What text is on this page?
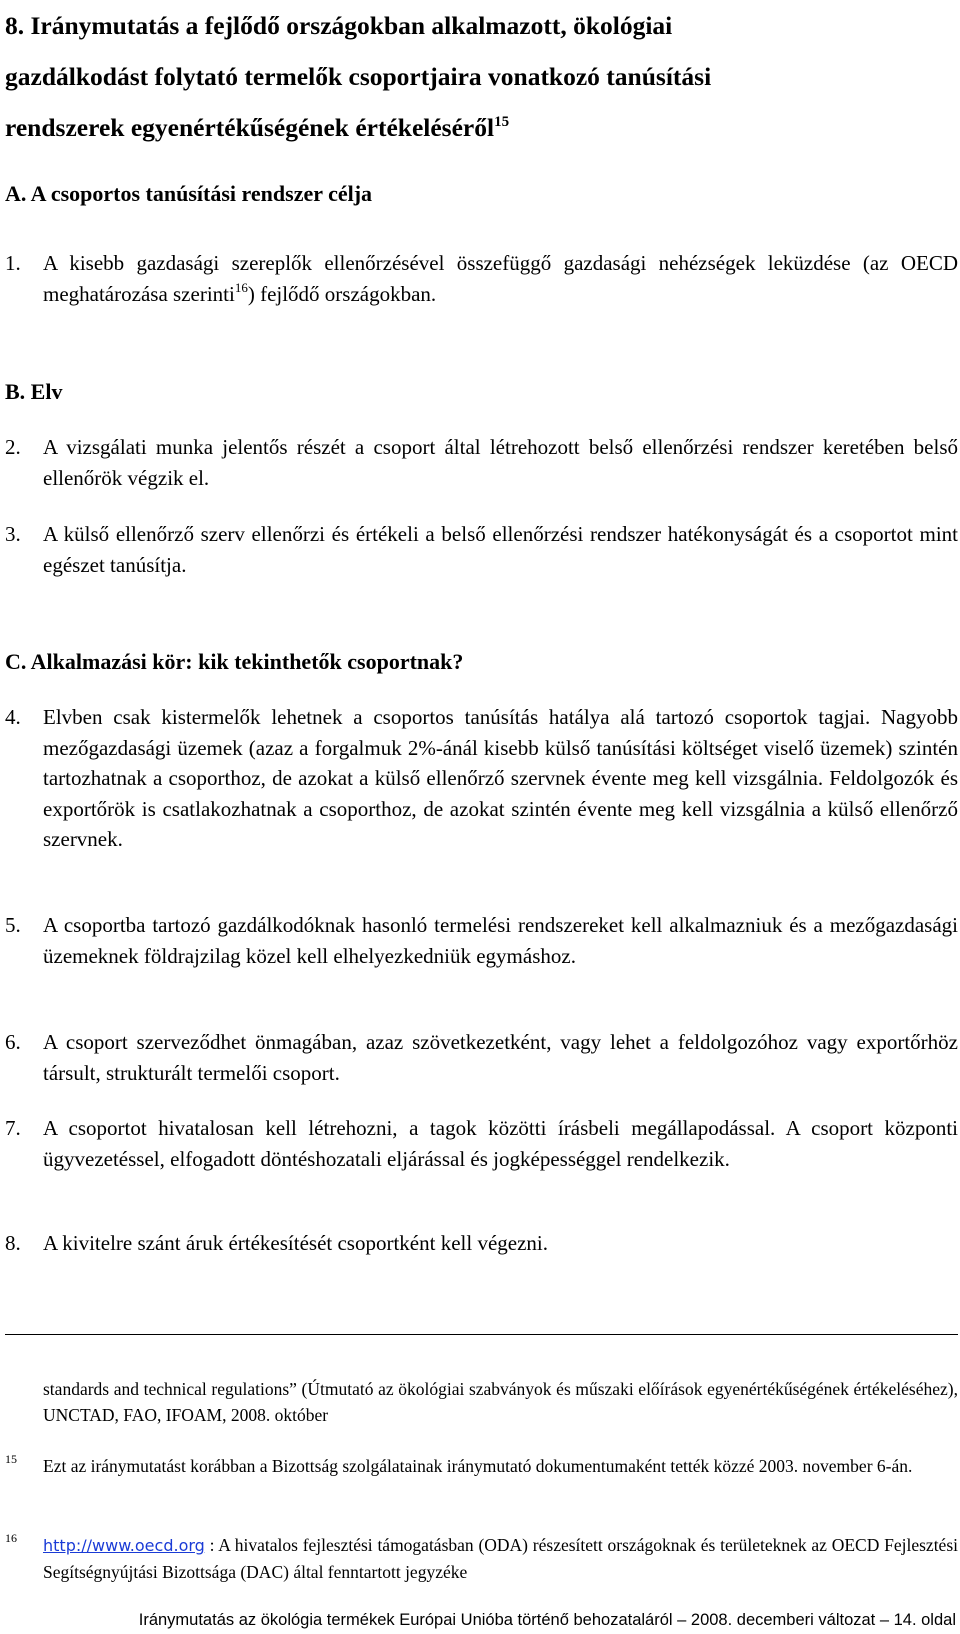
8. Iránymutatás a fejlődő országokban alkalmazott, ökológiai
gazdálkodást folytató termelők csoportjaira vonatkozó tanúsítási
rendszerek egyenértékűségének értékeléséről$^{15}$

A. A csoportos tanúsítási rendszer célja

1.	A kisebb gazdasági szereplők ellenőrzésével összefüggő gazdasági nehézségek leküzdése (az OECD meghatározása szerinti$^{16}$) fejlődő országokban.

B. Elv

2.	A vizsgálati munka jelentős részét a csoport által létrehozott belső ellenőrzési rendszer keretében belső ellenőrök végzik el.
3.	A külső ellenőrző szerv ellenőrzi és értékeli a belső ellenőrzési rendszer hatékonyságát és a csoportot mint egészet tanúsítja.

C. Alkalmazási kör: kik tekinthetők csoportnak?

4.	Elvben csak kistermelők lehetnek a csoportos tanúsítás hatálya alá tartozó csoportok tagjai. Nagyobb mezőgazdasági üzemek (azaz a forgalmuk 2%-ánál kisebb külső tanúsítási költséget viselő üzemek) szintén tartozhatnak a csoporthoz, de azokat a külső ellenőrző szervnek évente meg kell vizsgálnia. Feldolgozók és exportőrök is csatlakozhatnak a csoporthoz, de azokat szintén évente meg kell vizsgálnia a külső ellenőrző szervnek.
5.	A csoportba tartozó gazdálkodóknak hasonló termelési rendszereket kell alkalmazniuk és a mezőgazdasági üzemeknek földrajzilag közel kell elhelyezkedniük egymáshoz.
6.	A csoport szerveződhet önmagában, azaz szövetkezetként, vagy lehet a feldolgozóhoz vagy exportőrhöz társult, strukturált termelői csoport.
7.	A csoportot hivatalosan kell létrehozni, a tagok közötti írásbeli megállapodással. A csoport központi ügyvezetéssel, elfogadott döntéshozatali eljárással és jogképességgel rendelkezik.
8.	A kivitelre szánt áruk értékesítését csoportként kell végezni.
standards and technical regulations” (Útmutató az ökológiai szabványok és műszaki előírások egyenértékűségének értékeléséhez), UNCTAD, FAO, IFOAM, 2008. október
15 Ezt az iránymutatást korábban a Bizottság szolgálatainak iránymutató dokumentumaként tették közzé 2003. november 6-án.
16 http://www.oecd.org : A hivatalos fejlesztési támogatásban (ODA) részesített országoknak és területeknek az OECD Fejlesztési Segítségnyújtási Bizottsága (DAC) által fenntartott jegyzéke
Iránymutatás az ökológia termékek Európai Unióba történő behozataláról – 2008. decemberi változat – 14. oldal
